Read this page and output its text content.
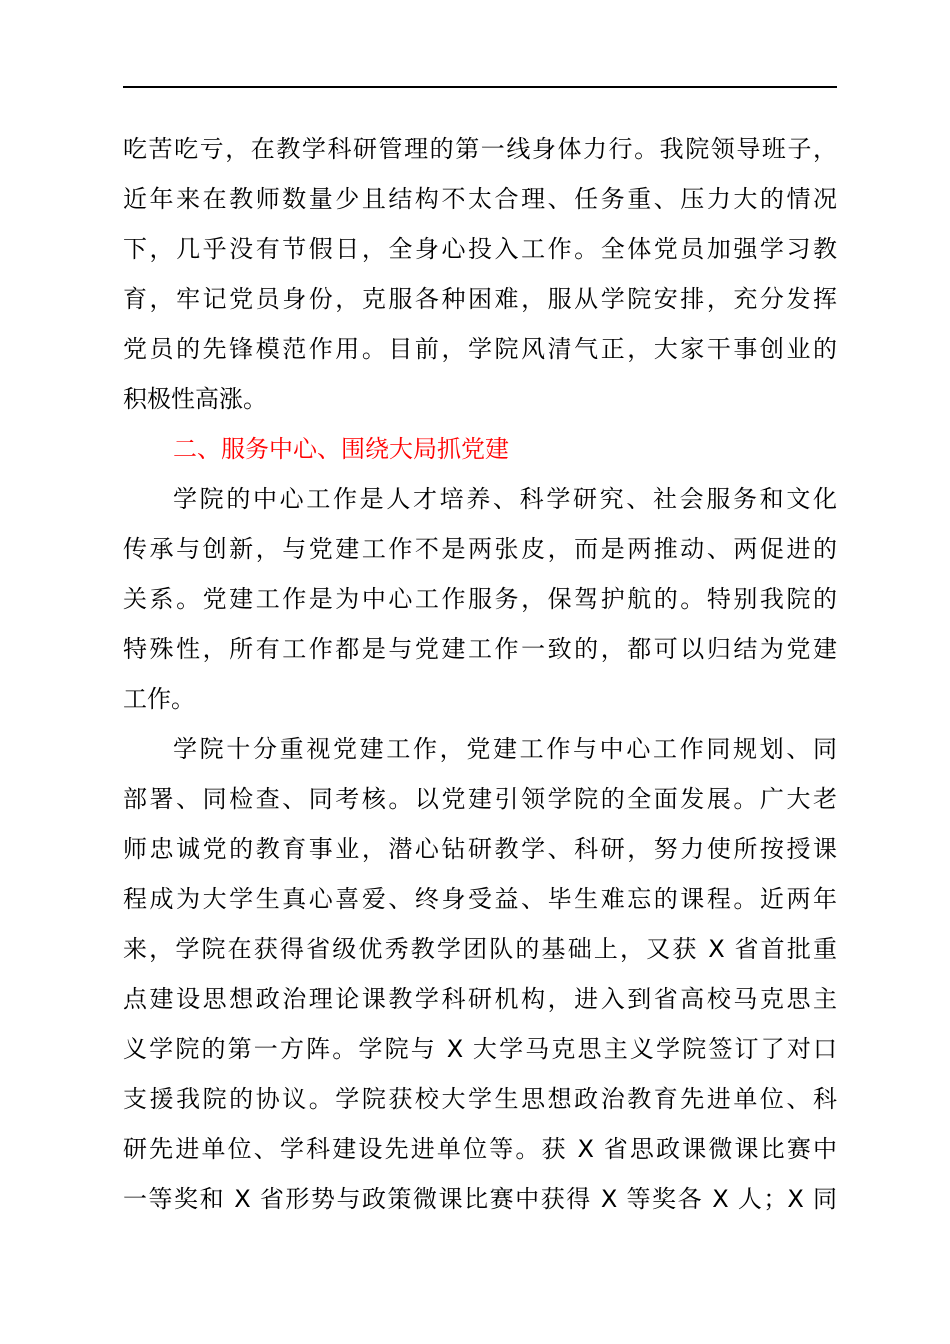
吃苦吃亏，在教学科研管理的第一线身体力行。我院领导班子，
近年来在教师数量少且结构不太合理、任务重、压力大的情况
下，几乎没有节假日，全身心投入工作。全体党员加强学习教
育，牢记党员身份，克服各种困难，服从学院安排，充分发挥
党员的先锋模范作用。目前，学院风清气正，大家干事创业的
积极性高涨。
二、服务中心、围绕大局抓党建
学院的中心工作是人才培养、科学研究、社会服务和文化
传承与创新，与党建工作不是两张皮，而是两推动、两促进的
关系。党建工作是为中心工作服务，保驾护航的。特别我院的
特殊性，所有工作都是与党建工作一致的，都可以归结为党建
工作。
学院十分重视党建工作，党建工作与中心工作同规划、同
部署、同检查、同考核。以党建引领学院的全面发展。广大老
师忠诚党的教育事业，潜心钻研教学、科研，努力使所按授课
程成为大学生真心喜爱、终身受益、毕生难忘的课程。近两年
来，学院在获得省级优秀教学团队的基础上，又获 X 省首批重
点建设思想政治理论课教学科研机构，进入到省高校马克思主
义学院的第一方阵。学院与 X 大学马克思主义学院签订了对口
支援我院的协议。学院获校大学生思想政治教育先进单位、科
研先进单位、学科建设先进单位等。获 X 省思政课微课比赛中
一等奖和 X 省形势与政策微课比赛中获得 X 等奖各 X 人；X 同
